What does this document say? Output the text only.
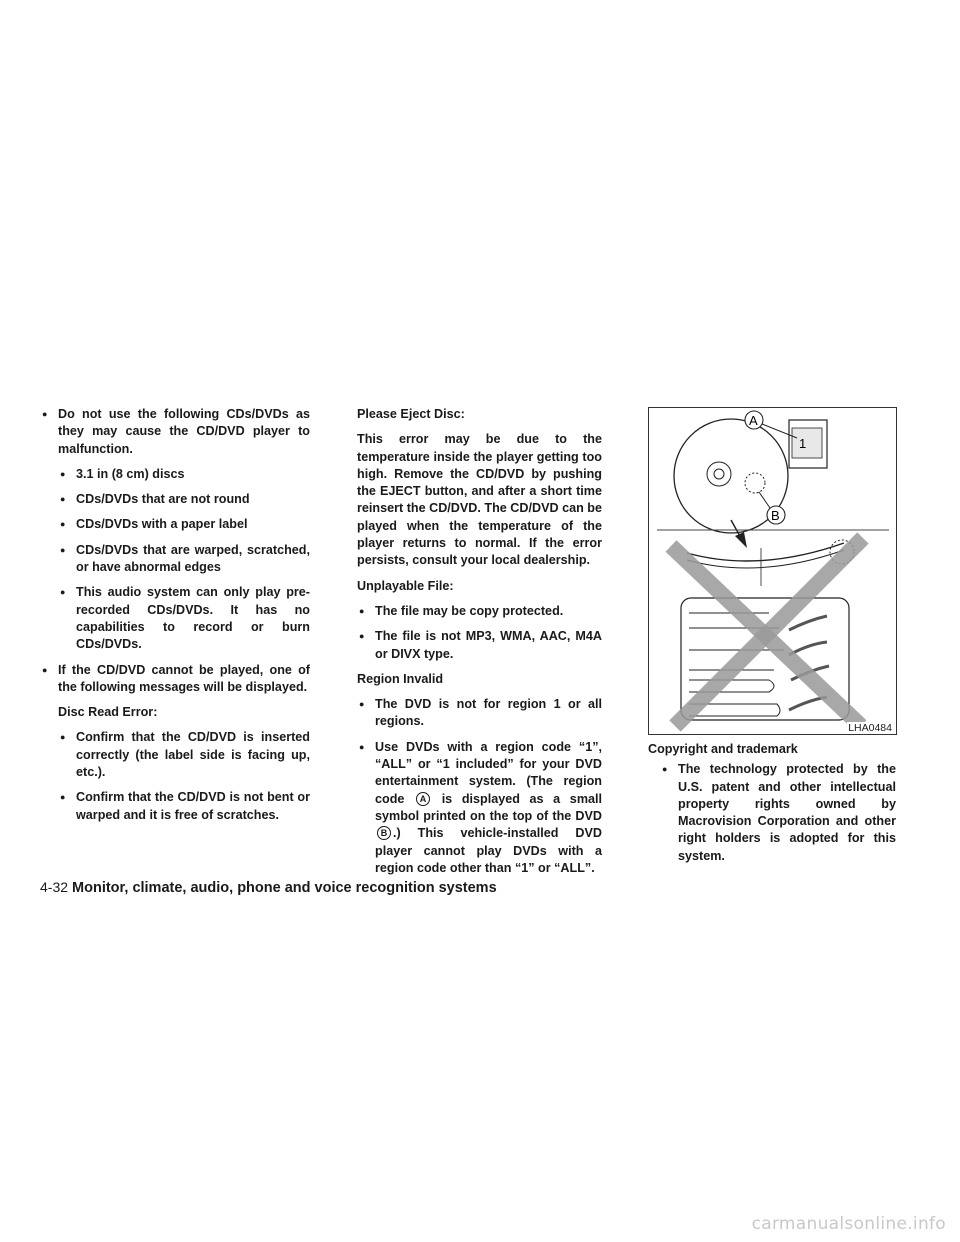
● Do not use the following CDs/DVDs as they may cause the CD/DVD player to malfunction.
● 3.1 in (8 cm) discs
● CDs/DVDs that are not round
● CDs/DVDs with a paper label
● CDs/DVDs that are warped, scratched, or have abnormal edges
● This audio system can only play pre-recorded CDs/DVDs. It has no capabilities to record or burn CDs/DVDs.
● If the CD/DVD cannot be played, one of the following messages will be displayed.

Disc Read Error:

● Confirm that the CD/DVD is inserted correctly (the label side is facing up, etc.).
● Confirm that the CD/DVD is not bent or warped and it is free of scratches.

Please Eject Disc:

This error may be due to the temperature inside the player getting too high. Remove the CD/DVD by pushing the EJECT button, and after a short time reinsert the CD/DVD. The CD/DVD can be played when the temperature of the player returns to normal. If the error persists, consult your local dealership.

Unplayable File:

● The file may be copy protected.
● The file is not MP3, WMA, AAC, M4A or DIVX type.

Region Invalid

● The DVD is not for region 1 or all regions.
● Use DVDs with a region code “1”, “ALL” or “1 included” for your DVD entertainment system. (The region code A is displayed as a small symbol printed on the top of the DVD B .) This vehicle-installed DVD player cannot play DVDs with a region code other than “1” or “ALL”.
1
A
B
LHA0484

Copyright and trademark

● The technology protected by the U.S. patent and other intellectual property rights owned by Macrovision Corporation and other right holders is adopted for this system.
4-32 Monitor, climate, audio, phone and voice recognition systems
carmanualsonline.info
